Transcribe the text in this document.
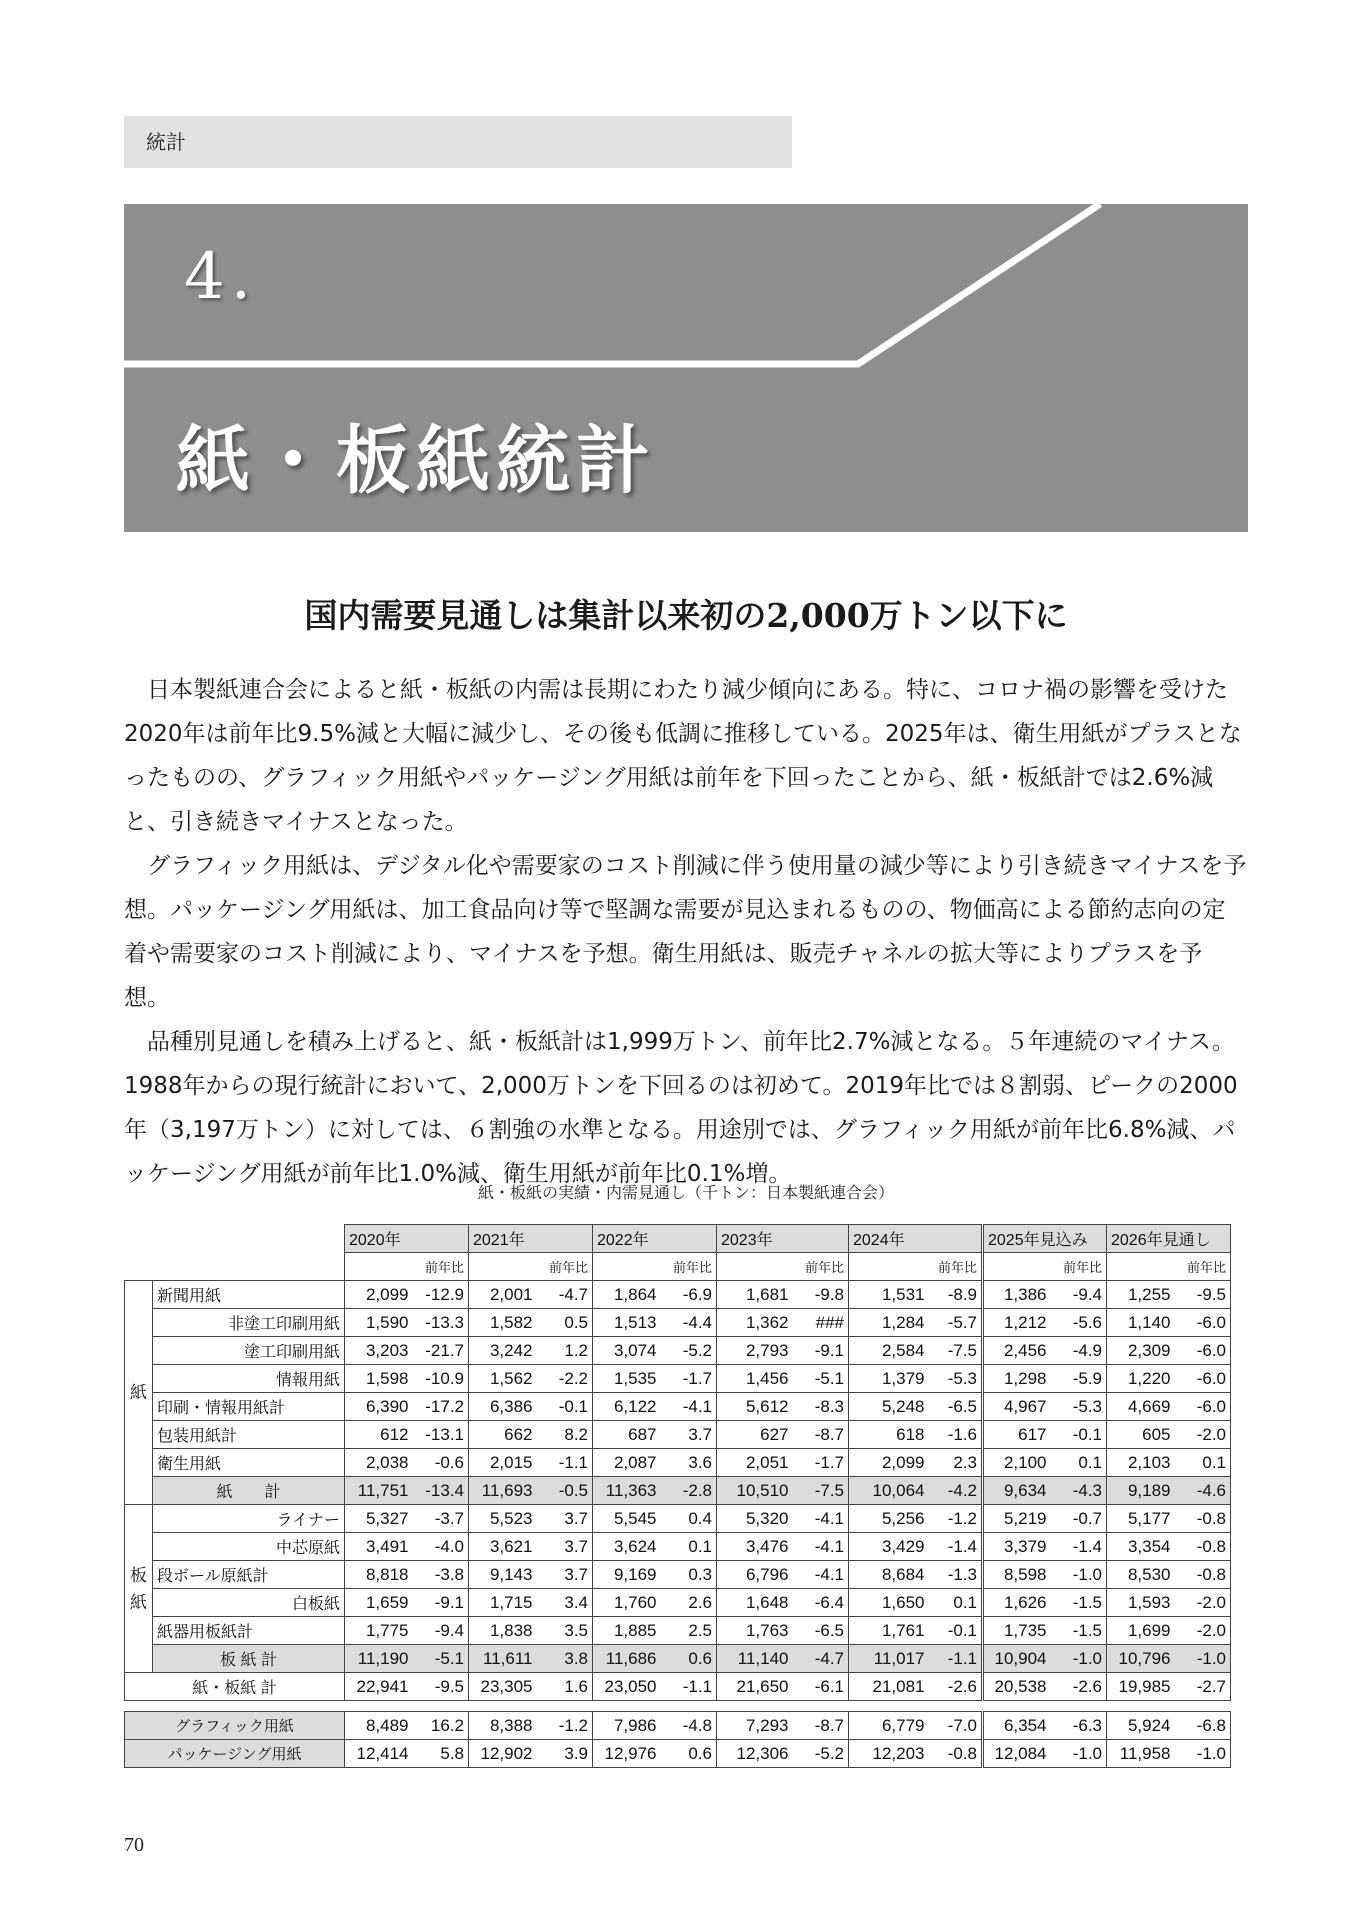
統計
4.
紙・板紙統計
国内需要見通しは集計以来初の2,000万トン以下に

日本製紙連合会によると紙・板紙の内需は長期にわたり減少傾向にある。特に、コロナ禍の影響を受けた2020年は前年比9.5%減と大幅に減少し、その後も低調に推移している。2025年は、衛生用紙がプラスとなったものの、グラフィック用紙やパッケージング用紙は前年を下回ったことから、紙・板紙計では2.6%減と、引き続きマイナスとなった。

グラフィック用紙は、デジタル化や需要家のコスト削減に伴う使用量の減少等により引き続きマイナスを予想。パッケージング用紙は、加工食品向け等で堅調な需要が見込まれるものの、物価高による節約志向の定着や需要家のコスト削減により、マイナスを予想。衛生用紙は、販売チャネルの拡大等によりプラスを予想。

品種別見通しを積み上げると、紙・板紙計は1,999万トン、前年比2.7%減となる。５年連続のマイナス。1988年からの現行統計において、2,000万トンを下回るのは初めて。2019年比では８割弱、ピークの2000年（3,197万トン）に対しては、６割強の水準となる。用途別では、グラフィック用紙が前年比6.8%減、パッケージング用紙が前年比1.0%減、衛生用紙が前年比0.1%増。

紙・板紙の実績・内需見通し（千トン：日本製紙連合会）
		2020年		2021年		2022年		2023年		2024年		2025年見込み		2026年見通し	
			前年比		前年比		前年比		前年比		前年比		前年比		前年比
紙	新聞用紙	2,099	-12.9	2,001	-4.7	1,864	-6.9	1,681	-9.8	1,531	-8.9	1,386	-9.4	1,255	-9.5
	非塗工印刷用紙	1,590	-13.3	1,582	0.5	1,513	-4.4	1,362	###	1,284	-5.7	1,212	-5.6	1,140	-6.0
	塗工印刷用紙	3,203	-21.7	3,242	1.2	3,074	-5.2	2,793	-9.1	2,584	-7.5	2,456	-4.9	2,309	-6.0
	情報用紙	1,598	-10.9	1,562	-2.2	1,535	-1.7	1,456	-5.1	1,379	-5.3	1,298	-5.9	1,220	-6.0
	印刷・情報用紙計	6,390	-17.2	6,386	-0.1	6,122	-4.1	5,612	-8.3	5,248	-6.5	4,967	-5.3	4,669	-6.0
	包装用紙計	612	-13.1	662	8.2	687	3.7	627	-8.7	618	-1.6	617	-0.1	605	-2.0
	衛生用紙	2,038	-0.6	2,015	-1.1	2,087	3.6	2,051	-1.7	2,099	2.3	2,100	0.1	2,103	0.1
	紙　　計	11,751	-13.4	11,693	-0.5	11,363	-2.8	10,510	-7.5	10,064	-4.2	9,634	-4.3	9,189	-4.6
板紙	ライナー	5,327	-3.7	5,523	3.7	5,545	0.4	5,320	-4.1	5,256	-1.2	5,219	-0.7	5,177	-0.8
	中芯原紙	3,491	-4.0	3,621	3.7	3,624	0.1	3,476	-4.1	3,429	-1.4	3,379	-1.4	3,354	-0.8
	段ボール原紙計	8,818	-3.8	9,143	3.7	9,169	0.3	6,796	-4.1	8,684	-1.3	8,598	-1.0	8,530	-0.8
	白板紙	1,659	-9.1	1,715	3.4	1,760	2.6	1,648	-6.4	1,650	0.1	1,626	-1.5	1,593	-2.0
	紙器用板紙計	1,775	-9.4	1,838	3.5	1,885	2.5	1,763	-6.5	1,761	-0.1	1,735	-1.5	1,699	-2.0
	板 紙 計	11,190	-5.1	11,611	3.8	11,686	0.6	11,140	-4.7	11,017	-1.1	10,904	-1.0	10,796	-1.0
紙・板紙 計		22,941	-9.5	23,305	1.6	23,050	-1.1	21,650	-6.1	21,081	-2.6	20,538	-2.6	19,985	-2.7

グラフィック用紙		8,489	16.2	8,388	-1.2	7,986	-4.8	7,293	-8.7	6,779	-7.0	6,354	-6.3	5,924	-6.8
パッケージング用紙		12,414	5.8	12,902	3.9	12,976	0.6	12,306	-5.2	12,203	-0.8	12,084	-1.0	11,958	-1.0
70
